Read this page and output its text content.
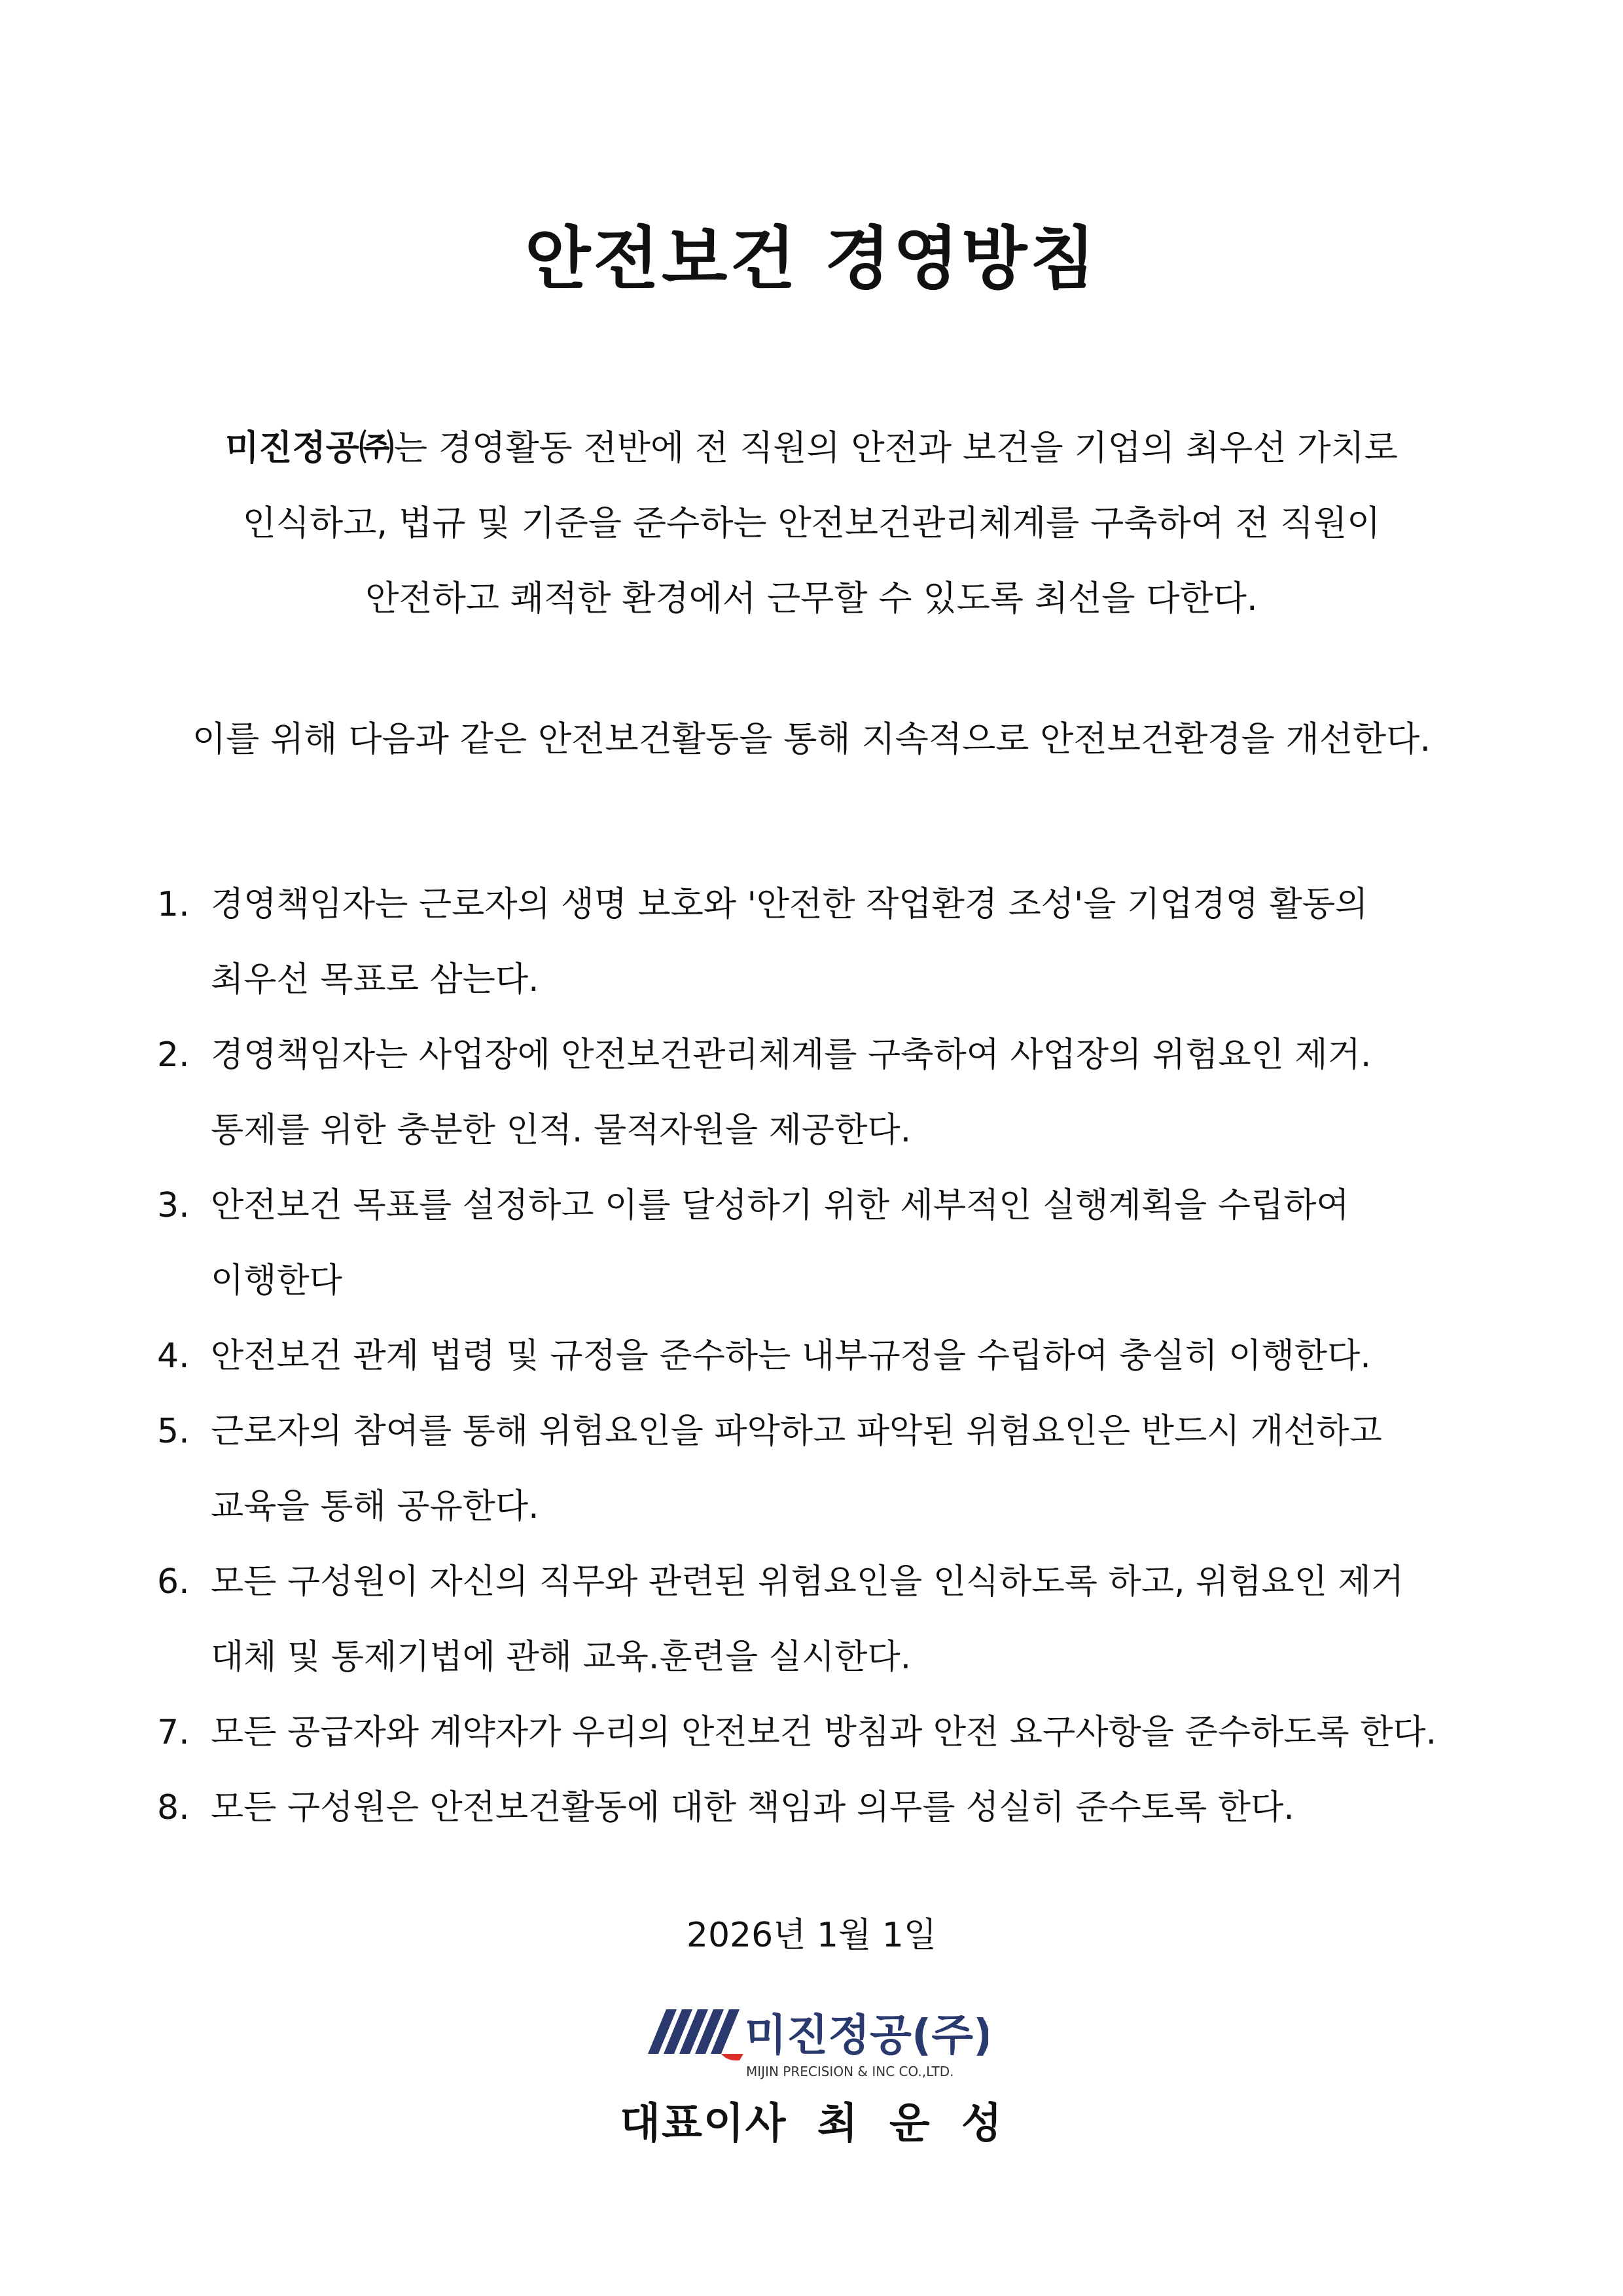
안전보건 경영방침
미진정공㈜는 경영활동 전반에 전 직원의 안전과 보건을 기업의 최우선 가치로
인식하고, 법규 및 기준을 준수하는 안전보건관리체계를 구축하여 전 직원이
안전하고 쾌적한 환경에서 근무할 수 있도록 최선을 다한다.
이를 위해 다음과 같은 안전보건활동을 통해 지속적으로 안전보건환경을 개선한다.
1. 경영책임자는 근로자의 생명 보호와 '안전한 작업환경 조성'을 기업경영 활동의
최우선 목표로 삼는다.
2. 경영책임자는 사업장에 안전보건관리체계를 구축하여 사업장의 위험요인 제거.
통제를 위한 충분한 인적. 물적자원을 제공한다.
3. 안전보건 목표를 설정하고 이를 달성하기 위한 세부적인 실행계획을 수립하여
이행한다
4. 안전보건 관계 법령 및 규정을 준수하는 내부규정을 수립하여 충실히 이행한다.
5. 근로자의 참여를 통해 위험요인을 파악하고 파악된 위험요인은 반드시 개선하고
교육을 통해 공유한다.
6. 모든 구성원이 자신의 직무와 관련된 위험요인을 인식하도록 하고, 위험요인 제거
대체 및 통제기법에 관해 교육.훈련을 실시한다.
7. 모든 공급자와 계약자가 우리의 안전보건 방침과 안전 요구사항을 준수하도록 한다.
8. 모든 구성원은 안전보건활동에 대한 책임과 의무를 성실히 준수토록 한다.
2026년 1월 1일
미진정공(주)
MIJIN PRECISION & INC CO.,LTD.
대표이사 최 운 성
